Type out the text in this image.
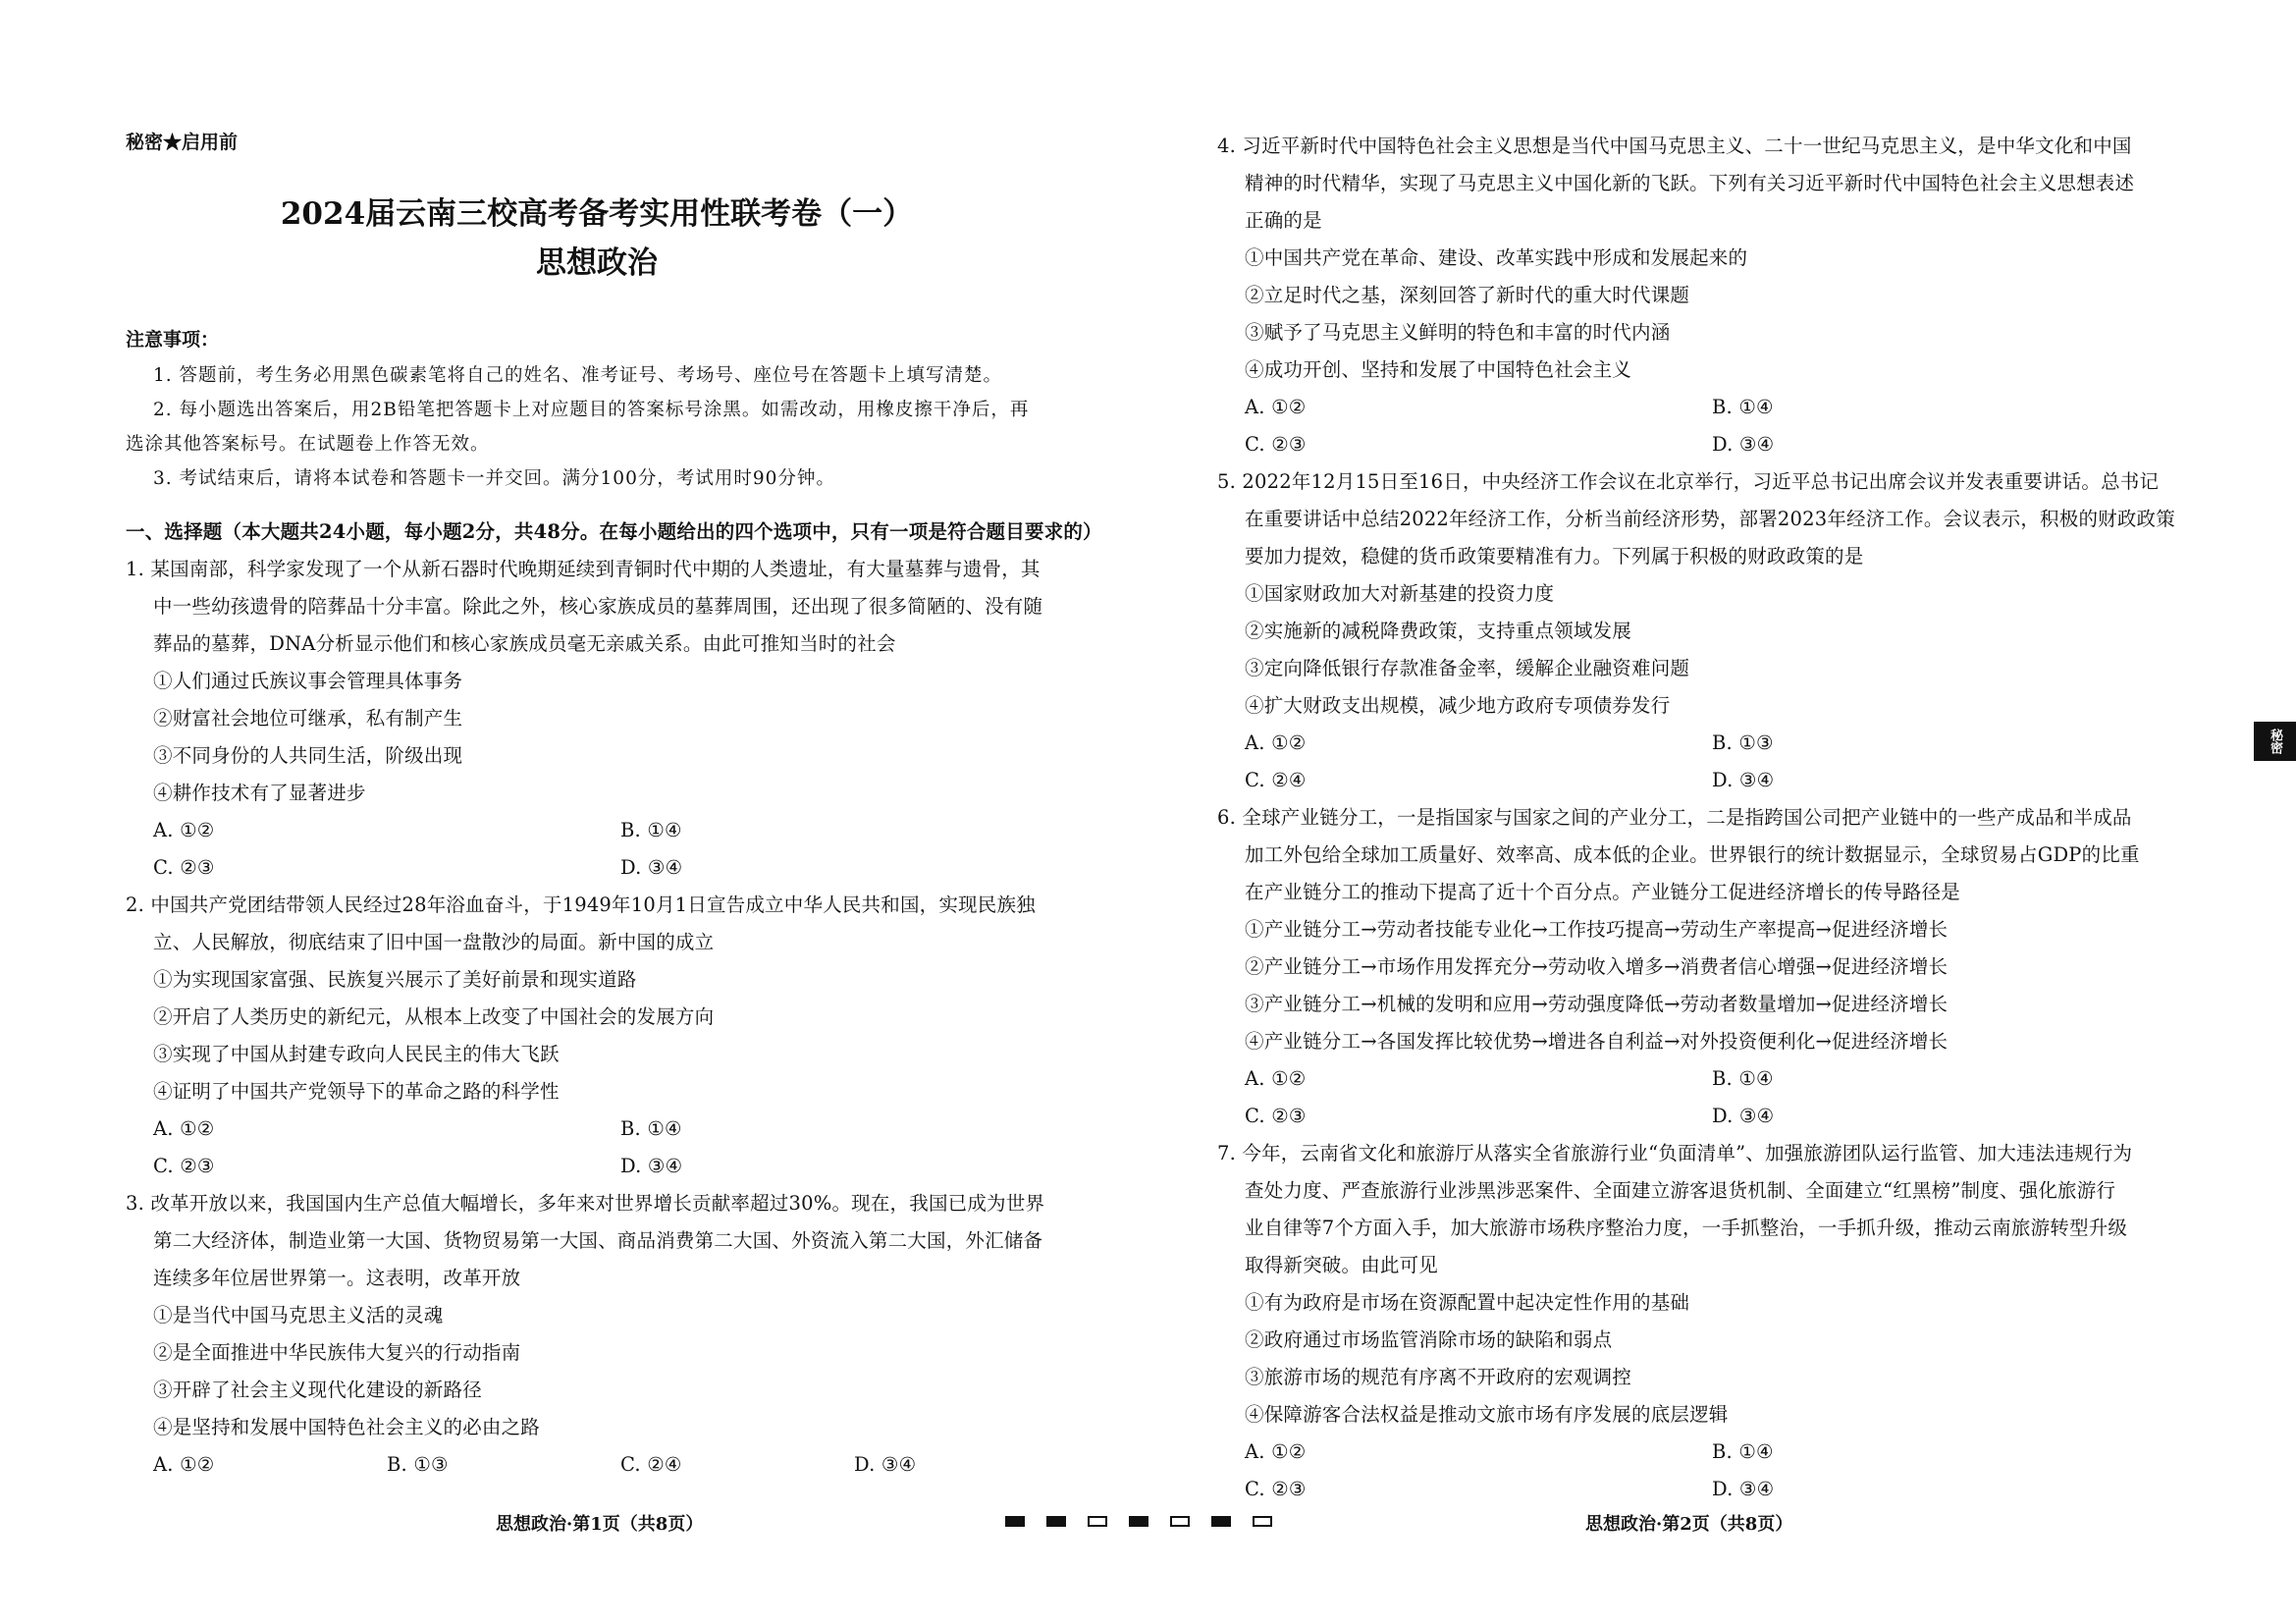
秘密★启用前
2024届云南三校高考备考实用性联考卷（一）
思想政治
注意事项：
1. 答题前，考生务必用黑色碳素笔将自己的姓名、准考证号、考场号、座位号在答题卡上填写清楚。
2. 每小题选出答案后，用2B铅笔把答题卡上对应题目的答案标号涂黑。如需改动，用橡皮擦干净后，再
选涂其他答案标号。在试题卷上作答无效。
3. 考试结束后，请将本试卷和答题卡一并交回。满分100分，考试用时90分钟。
一、选择题（本大题共24小题，每小题2分，共48分。在每小题给出的四个选项中，只有一项是符合题目要求的）
1. 某国南部，科学家发现了一个从新石器时代晚期延续到青铜时代中期的人类遗址，有大量墓葬与遗骨，其
中一些幼孩遗骨的陪葬品十分丰富。除此之外，核心家族成员的墓葬周围，还出现了很多简陋的、没有随
葬品的墓葬，DNA分析显示他们和核心家族成员毫无亲戚关系。由此可推知当时的社会
①人们通过氏族议事会管理具体事务
②财富社会地位可继承，私有制产生
③不同身份的人共同生活，阶级出现
④耕作技术有了显著进步
A. ①②	B. ①④
C. ②③	D. ③④
2. 中国共产党团结带领人民经过28年浴血奋斗，于1949年10月1日宣告成立中华人民共和国，实现民族独
立、人民解放，彻底结束了旧中国一盘散沙的局面。新中国的成立
①为实现国家富强、民族复兴展示了美好前景和现实道路
②开启了人类历史的新纪元，从根本上改变了中国社会的发展方向
③实现了中国从封建专政向人民民主的伟大飞跃
④证明了中国共产党领导下的革命之路的科学性
A. ①②	B. ①④
C. ②③	D. ③④
3. 改革开放以来，我国国内生产总值大幅增长，多年来对世界增长贡献率超过30%。现在，我国已成为世界
第二大经济体，制造业第一大国、货物贸易第一大国、商品消费第二大国、外资流入第二大国，外汇储备
连续多年位居世界第一。这表明，改革开放
①是当代中国马克思主义活的灵魂
②是全面推进中华民族伟大复兴的行动指南
③开辟了社会主义现代化建设的新路径
④是坚持和发展中国特色社会主义的必由之路
A. ①②	B. ①③	C. ②④	D. ③④
4. 习近平新时代中国特色社会主义思想是当代中国马克思主义、二十一世纪马克思主义，是中华文化和中国
精神的时代精华，实现了马克思主义中国化新的飞跃。下列有关习近平新时代中国特色社会主义思想表述
正确的是
①中国共产党在革命、建设、改革实践中形成和发展起来的
②立足时代之基，深刻回答了新时代的重大时代课题
③赋予了马克思主义鲜明的特色和丰富的时代内涵
④成功开创、坚持和发展了中国特色社会主义
A. ①②	B. ①④
C. ②③	D. ③④
5. 2022年12月15日至16日，中央经济工作会议在北京举行，习近平总书记出席会议并发表重要讲话。总书记
在重要讲话中总结2022年经济工作，分析当前经济形势，部署2023年经济工作。会议表示，积极的财政政策
要加力提效，稳健的货币政策要精准有力。下列属于积极的财政政策的是
①国家财政加大对新基建的投资力度
②实施新的减税降费政策，支持重点领域发展
③定向降低银行存款准备金率，缓解企业融资难问题
④扩大财政支出规模，减少地方政府专项债券发行
A. ①②	B. ①③
C. ②④	D. ③④
6. 全球产业链分工，一是指国家与国家之间的产业分工，二是指跨国公司把产业链中的一些产成品和半成品
加工外包给全球加工质量好、效率高、成本低的企业。世界银行的统计数据显示，全球贸易占GDP的比重
在产业链分工的推动下提高了近十个百分点。产业链分工促进经济增长的传导路径是
①产业链分工→劳动者技能专业化→工作技巧提高→劳动生产率提高→促进经济增长
②产业链分工→市场作用发挥充分→劳动收入增多→消费者信心增强→促进经济增长
③产业链分工→机械的发明和应用→劳动强度降低→劳动者数量增加→促进经济增长
④产业链分工→各国发挥比较优势→增进各自利益→对外投资便利化→促进经济增长
A. ①②	B. ①④
C. ②③	D. ③④
7. 今年，云南省文化和旅游厅从落实全省旅游行业“负面清单”、加强旅游团队运行监管、加大违法违规行为
查处力度、严查旅游行业涉黑涉恶案件、全面建立游客退货机制、全面建立“红黑榜”制度、强化旅游行
业自律等7个方面入手，加大旅游市场秩序整治力度，一手抓整治，一手抓升级，推动云南旅游转型升级
取得新突破。由此可见
①有为政府是市场在资源配置中起决定性作用的基础
②政府通过市场监管消除市场的缺陷和弱点
③旅游市场的规范有序离不开政府的宏观调控
④保障游客合法权益是推动文旅市场有序发展的底层逻辑
A. ①②	B. ①④
C. ②③	D. ③④
思想政治·第1页（共8页）	思想政治·第2页（共8页）
秘密
